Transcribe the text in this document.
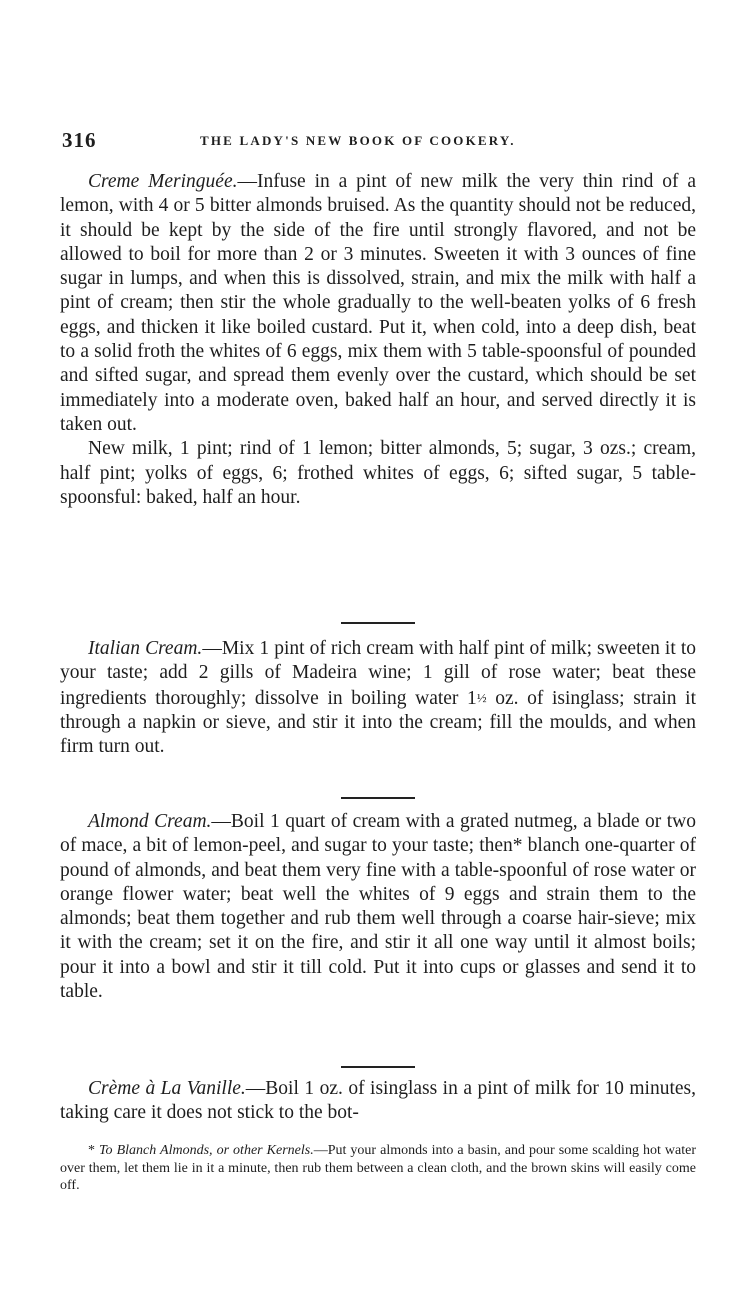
316	THE LADY'S NEW BOOK OF COOKERY.

Creme Meringuée.—Infuse in a pint of new milk the very thin rind of a lemon, with 4 or 5 bitter almonds bruised. As the quantity should not be reduced, it should be kept by the side of the fire until strongly flavored, and not be allowed to boil for more than 2 or 3 minutes. Sweeten it with 3 ounces of fine sugar in lumps, and when this is dissolved, strain, and mix the milk with half a pint of cream; then stir the whole gradually to the well-beaten yolks of 6 fresh eggs, and thicken it like boiled custard. Put it, when cold, into a deep dish, beat to a solid froth the whites of 6 eggs, mix them with 5 table-spoonsful of pounded and sifted sugar, and spread them evenly over the custard, which should be set immediately into a moderate oven, baked half an hour, and served directly it is taken out.

New milk, 1 pint; rind of 1 lemon; bitter almonds, 5; sugar, 3 ozs.; cream, half pint; yolks of eggs, 6; frothed whites of eggs, 6; sifted sugar, 5 table-spoonsful: baked, half an hour.

Italian Cream.—Mix 1 pint of rich cream with half pint of milk; sweeten it to your taste; add 2 gills of Madeira wine; 1 gill of rose water; beat these ingredients thoroughly; dissolve in boiling water 1½ oz. of isinglass; strain it through a napkin or sieve, and stir it into the cream; fill the moulds, and when firm turn out.

Almond Cream.—Boil 1 quart of cream with a grated nutmeg, a blade or two of mace, a bit of lemon-peel, and sugar to your taste; then* blanch one-quarter of pound of almonds, and beat them very fine with a table-spoonful of rose water or orange flower water; beat well the whites of 9 eggs and strain them to the almonds; beat them together and rub them well through a coarse hair-sieve; mix it with the cream; set it on the fire, and stir it all one way until it almost boils; pour it into a bowl and stir it till cold. Put it into cups or glasses and send it to table.

Crème à La Vanille.—Boil 1 oz. of isinglass in a pint of milk for 10 minutes, taking care it does not stick to the bot-

* To Blanch Almonds, or other Kernels.—Put your almonds into a basin, and pour some scalding hot water over them, let them lie in it a minute, then rub them between a clean cloth, and the brown skins will easily come off.
